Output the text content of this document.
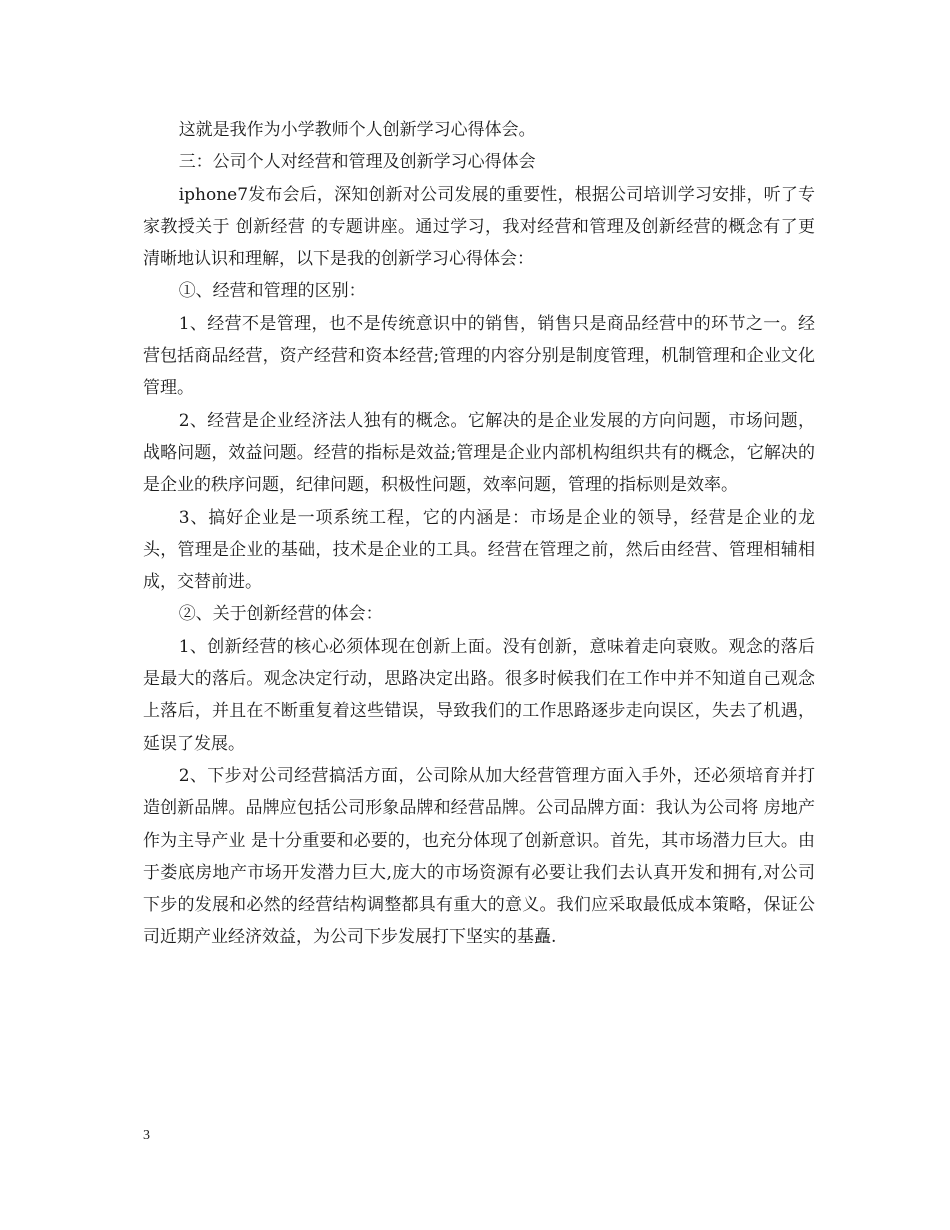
这就是我作为小学教师个人创新学习心得体会。

三：公司个人对经营和管理及创新学习心得体会

iphone7发布会后，深知创新对公司发展的重要性，根据公司培训学习安排，听了专家教授关于 创新经营 的专题讲座。通过学习，我对经营和管理及创新经营的概念有了更清晰地认识和理解，以下是我的创新学习心得体会：

①、经营和管理的区别：

1、经营不是管理，也不是传统意识中的销售，销售只是商品经营中的环节之一。经营包括商品经营，资产经营和资本经营;管理的内容分别是制度管理，机制管理和企业文化管理。

2、经营是企业经济法人独有的概念。它解决的是企业发展的方向问题，市场问题，战略问题，效益问题。经营的指标是效益;管理是企业内部机构组织共有的概念，它解决的是企业的秩序问题，纪律问题，积极性问题，效率问题，管理的指标则是效率。

3、搞好企业是一项系统工程，它的内涵是：市场是企业的领导，经营是企业的龙头，管理是企业的基础，技术是企业的工具。经营在管理之前，然后由经营、管理相辅相成，交替前进。

②、关于创新经营的体会：

1、创新经营的核心必须体现在创新上面。没有创新，意味着走向衰败。观念的落后是最大的落后。观念决定行动，思路决定出路。很多时候我们在工作中并不知道自己观念上落后，并且在不断重复着这些错误，导致我们的工作思路逐步走向误区，失去了机遇，延误了发展。

2、下步对公司经营搞活方面，公司除从加大经营管理方面入手外，还必须培育并打造创新品牌。品牌应包括公司形象品牌和经营品牌。公司品牌方面：我认为公司将 房地产作为主导产业 是十分重要和必要的，也充分体现了创新意识。首先，其市场潜力巨大。由于娄底房地产市场开发潜力巨大,庞大的市场资源有必要让我们去认真开发和拥有,对公司下步的发展和必然的经营结构调整都具有重大的意义。我们应采取最低成本策略，保证公司近期产业经济效益，为公司下步发展打下坚实的基矗.

3
